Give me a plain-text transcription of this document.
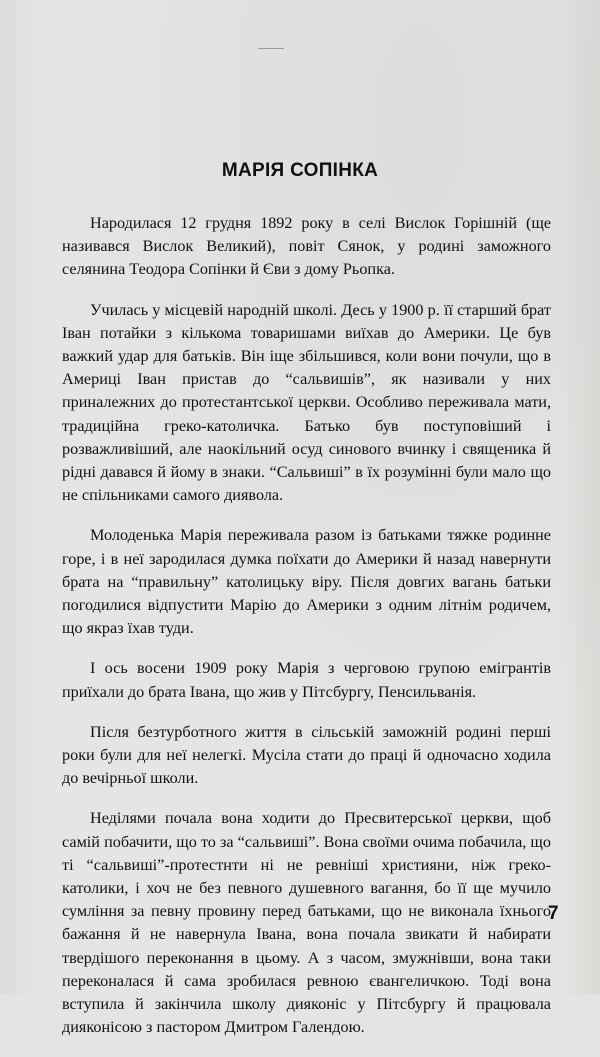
МАРІЯ СОПІНКА

Народилася 12 грудня 1892 року в селі Вислок Горішній (ще називався Вислок Великий), повіт Сянок, у родині заможного селянина Теодора Сопінки й Єви з дому Рьопка.

Училась у місцевій народній школі. Десь у 1900 р. її старший брат Іван потайки з кількома товаришами виїхав до Америки. Це був важкий удар для батьків. Він іще збільшився, коли вони почули, що в Америці Іван пристав до “сальвишів”, як називали у них приналежних до протестантської церкви. Особливо переживала мати, традиційна греко-католичка. Батько був поступовіший і розважливіший, але наокільний осуд синового вчинку і священика й рідні давався й йому в знаки. “Сальвиші” в їх розумінні були мало що не спільниками самого диявола.

Молоденька Марія переживала разом із батьками тяжке родинне горе, і в неї зародилася думка поїхати до Америки й назад навернути брата на “правильну” католицьку віру. Після довгих вагань батьки погодилися відпустити Марію до Америки з одним літнім родичем, що якраз їхав туди.

І ось восени 1909 року Марія з черговою групою емігрантів приїхали до брата Івана, що жив у Пітсбургу, Пенсильванія.

Після безтурботного життя в сільській заможній родині перші роки були для неї нелегкі. Мусіла стати до праці й одночасно ходила до вечірньої школи.

Неділями почала вона ходити до Пресвитерської церкви, щоб самій побачити, що то за “сальвиші”. Вона своїми очима побачила, що ті “сальвиші”-протестнти ні не ревніші християни, ніж греко-католики, і хоч не без певного душевного вагання, бо її ще мучило сумління за певну провину перед батьками, що не виконала їхнього бажання й не навернула Івана, вона почала звикати й набирати твердішого переконання в цьому. А з часом, змужнівши, вона таки переконалася й сама зробилася ревною євангеличкою. Тоді вона вступила й закінчила школу дияконіс у Пітсбургу й працювала дияконісою з пастором Дмитром Галендою.

7
